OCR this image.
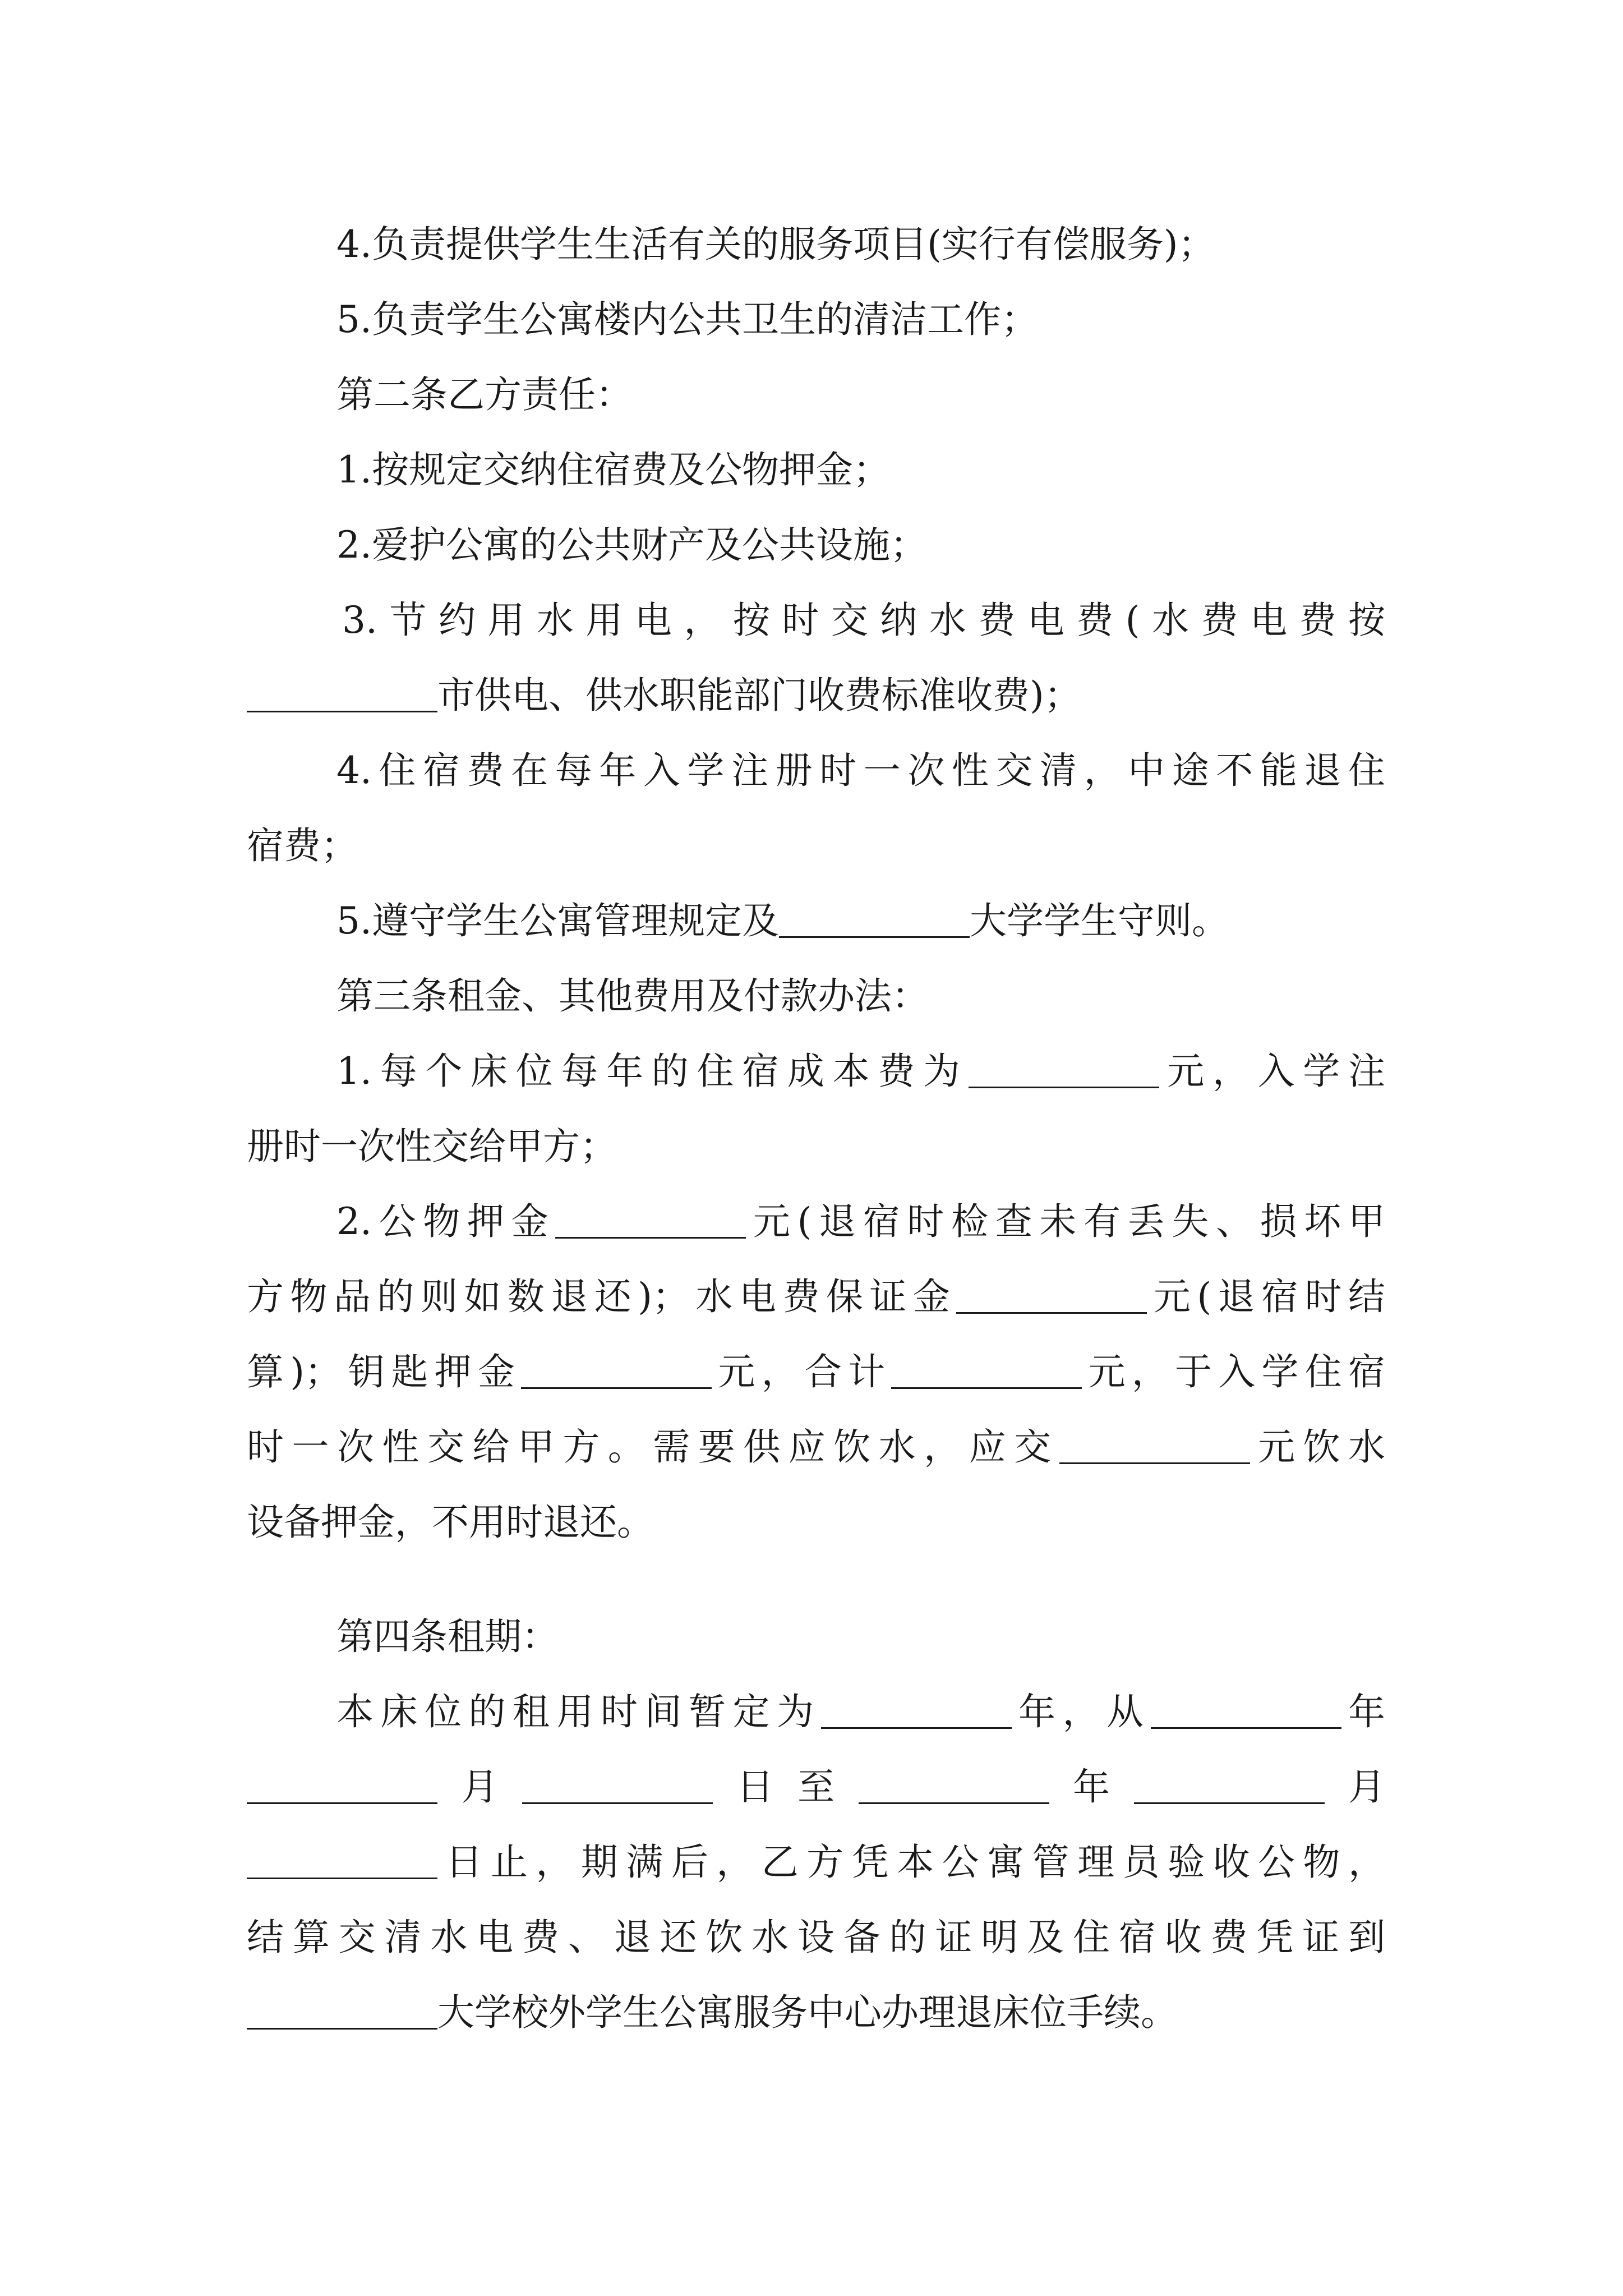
4.负责提供学生生活有关的服务项目(实行有偿服务)；
5.负责学生公寓楼内公共卫生的清洁工作；
第二条乙方责任：
1.按规定交纳住宿费及公物押金；
2.爱护公寓的公共财产及公共设施；
3.节约用水用电，按时交纳水费电费(水费电费按
市供电、供水职能部门收费标准收费)；
4.住宿费在每年入学注册时一次性交清，中途不能退住
宿费；
5.遵守学生公寓管理规定及	大学学生守则。
第三条租金、其他费用及付款办法：
1.每个床位每年的住宿成本费为	元，入学注
册时一次性交给甲方；
2.公物押金	元(退宿时检查未有丢失、损坏甲
方物品的则如数退还)；水电费保证金	元(退宿时结
算)；钥匙押金	元，合计	元，于入学住宿
时一次性交给甲方。需要供应饮水，应交	元饮水
设备押金，不用时退还。
第四条租期：
本床位的租用时间暂定为	年，从	年
月	日至	年	月
日止，期满后，乙方凭本公寓管理员验收公物，
结算交清水电费、退还饮水设备的证明及住宿收费凭证到
大学校外学生公寓服务中心办理退床位手续。
